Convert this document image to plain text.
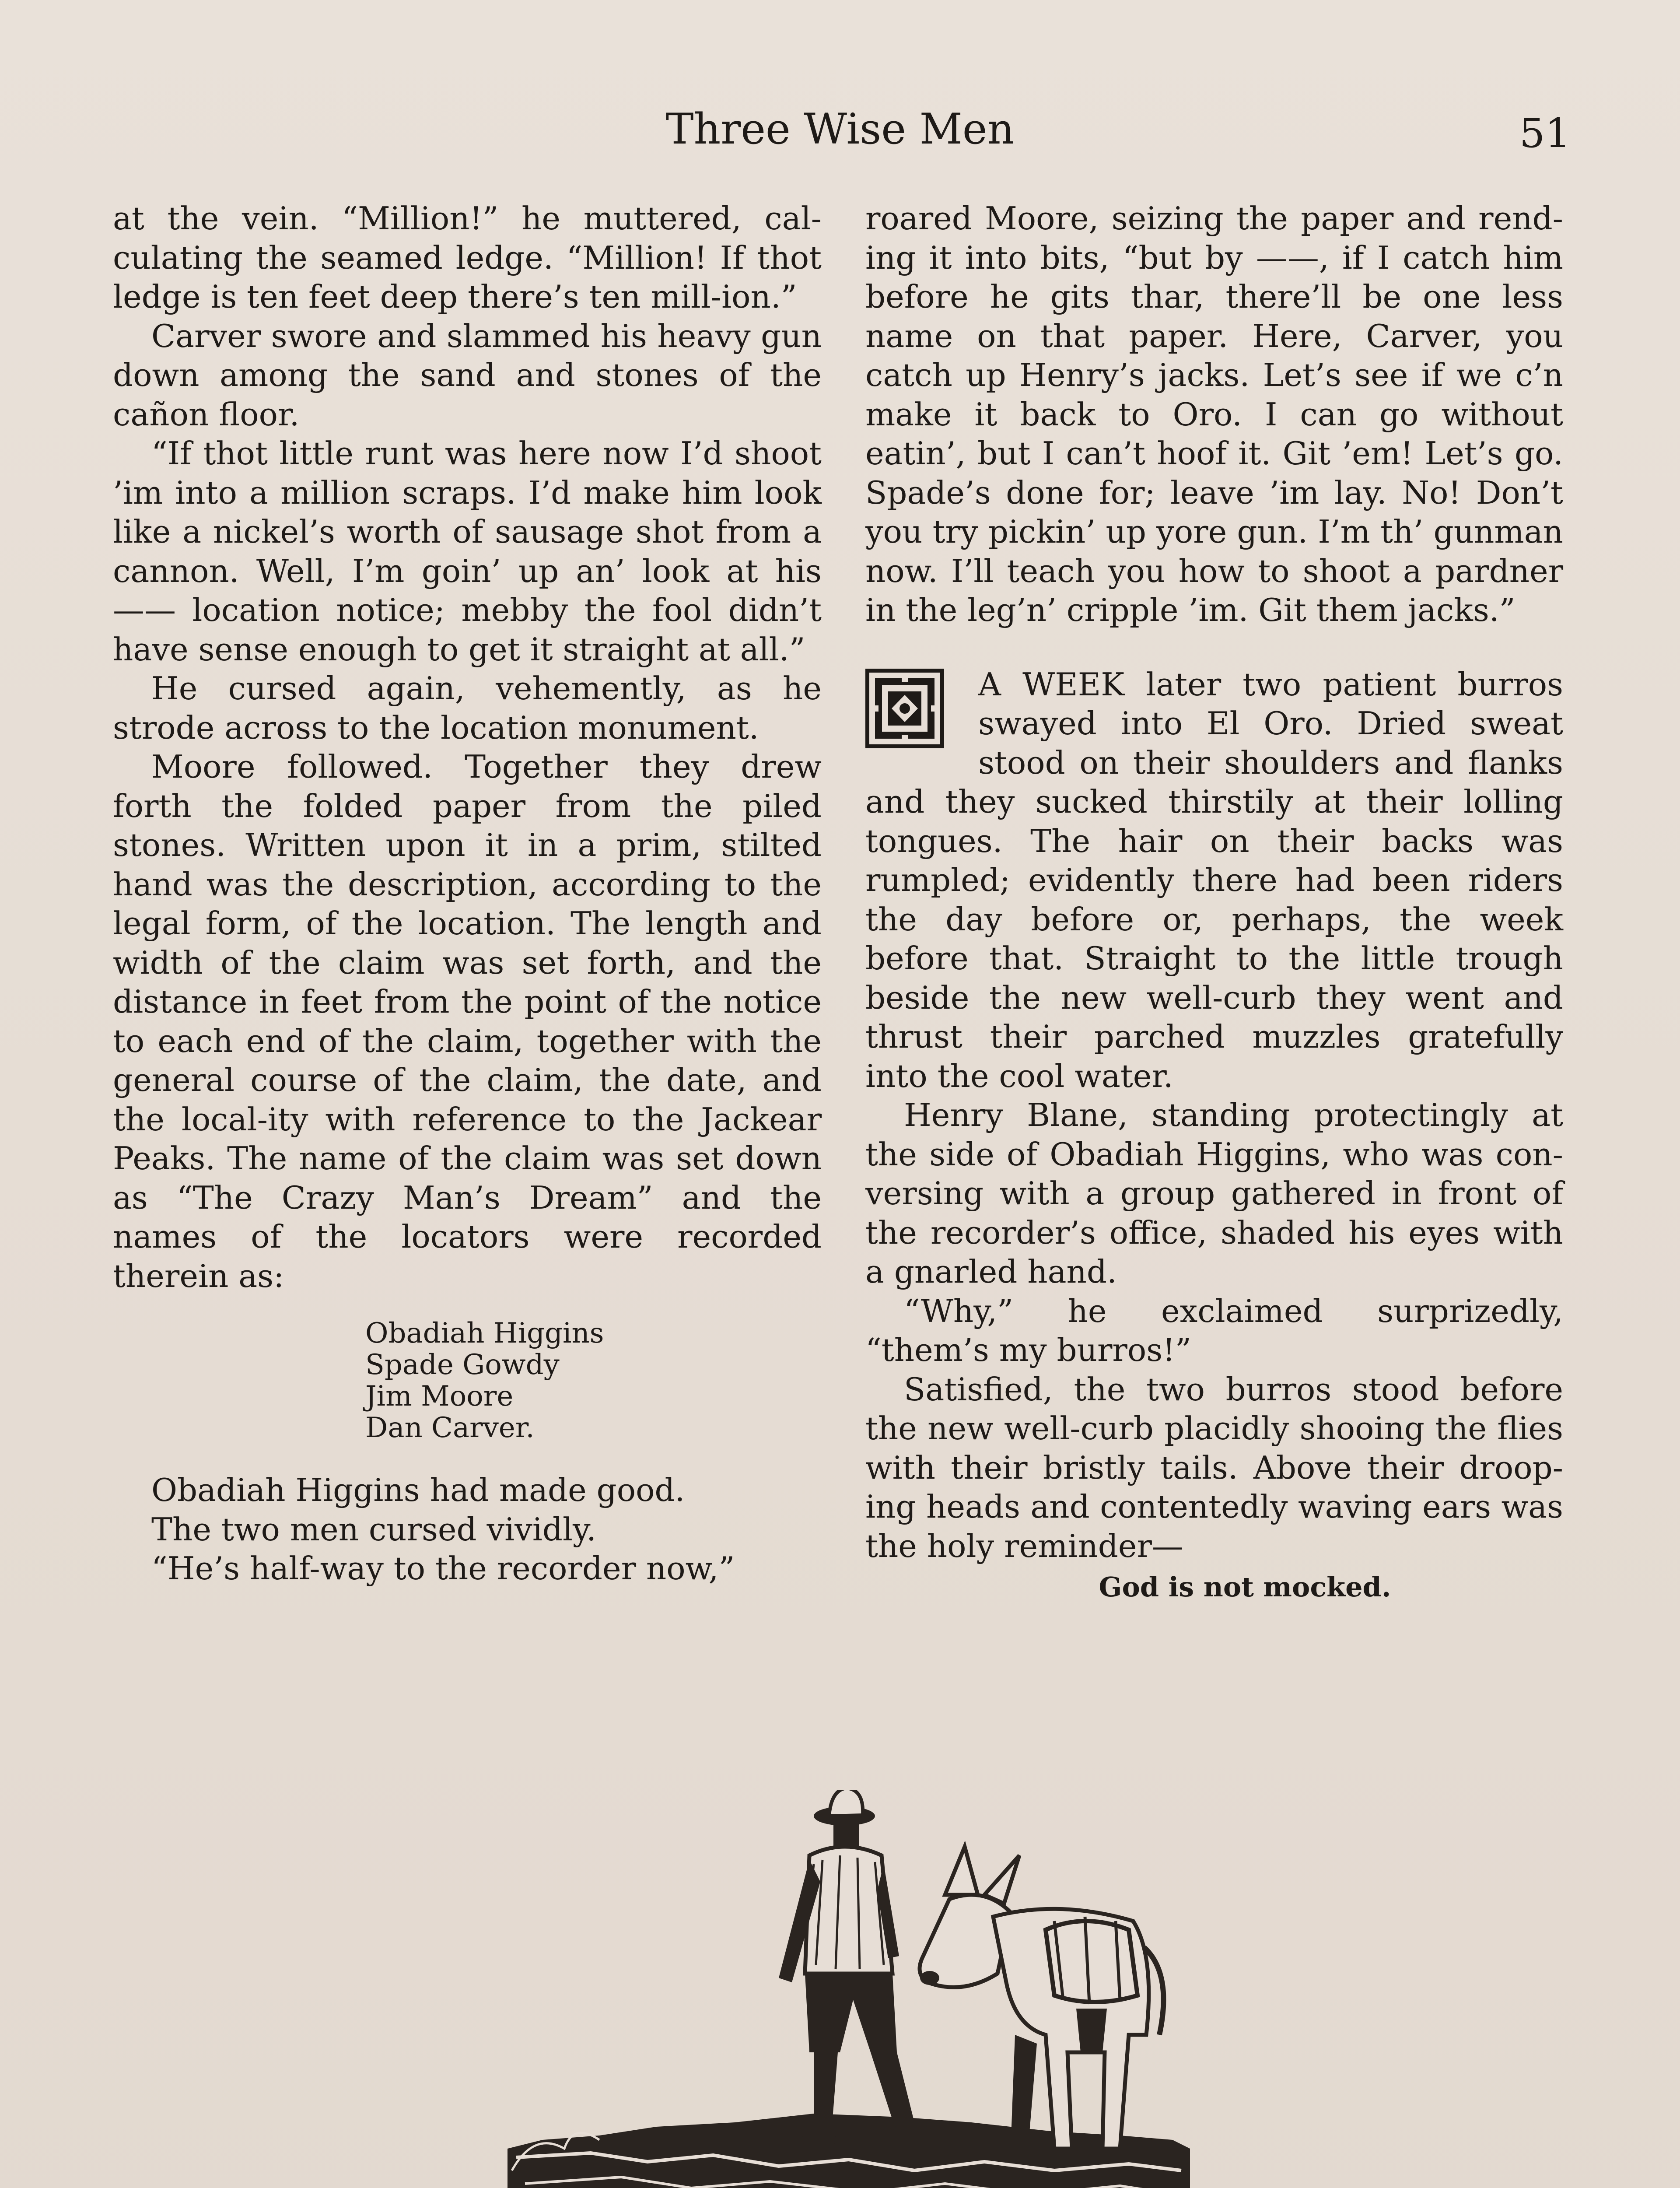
Three Wise Men	51

at the vein. “Million!” he muttered, cal-culating the seamed ledge. “Million! If thot ledge is ten feet deep there’s ten mill-ion.”

Carver swore and slammed his heavy gun down among the sand and stones of the cañon floor.

“If thot little runt was here now I’d shoot ’im into a million scraps. I’d make him look like a nickel’s worth of sausage shot from a cannon. Well, I’m goin’ up an’ look at his —— location notice; mebby the fool didn’t have sense enough to get it straight at all.”

He cursed again, vehemently, as he strode across to the location monument.

Moore followed. Together they drew forth the folded paper from the piled stones. Written upon it in a prim, stilted hand was the description, according to the legal form, of the location. The length and width of the claim was set forth, and the distance in feet from the point of the notice to each end of the claim, together with the general course of the claim, the date, and the local-ity with reference to the Jackear Peaks. The name of the claim was set down as “The Crazy Man’s Dream” and the names of the locators were recorded therein as:

Obadiah Higgins
Spade Gowdy
Jim Moore
Dan Carver.

Obadiah Higgins had made good.

The two men cursed vividly.

“He’s half-way to the recorder now,”

roared Moore, seizing the paper and rend-ing it into bits, “but by ——, if I catch him before he gits thar, there’ll be one less name on that paper. Here, Carver, you catch up Henry’s jacks. Let’s see if we c’n make it back to Oro. I can go without eatin’, but I can’t hoof it. Git ’em! Let’s go. Spade’s done for; leave ’im lay. No! Don’t you try pickin’ up yore gun. I’m th’ gunman now. I’ll teach you how to shoot a pardner in the leg’n’ cripple ’im. Git them jacks.”

A WEEK later two patient burros swayed into El Oro. Dried sweat stood on their shoulders and flanks and they sucked thirstily at their lolling tongues. The hair on their backs was rumpled; evidently there had been riders the day before or, perhaps, the week before that. Straight to the little trough beside the new well-curb they went and thrust their parched muzzles gratefully into the cool water.

Henry Blane, standing protectingly at the side of Obadiah Higgins, who was con-versing with a group gathered in front of the recorder’s office, shaded his eyes with a gnarled hand.

“Why,” he exclaimed surprizedly, “them’s my burros!”

Satisfied, the two burros stood before the new well-curb placidly shooing the flies with their bristly tails. Above their droop-ing heads and contentedly waving ears was the holy reminder—

God is not mocked.
